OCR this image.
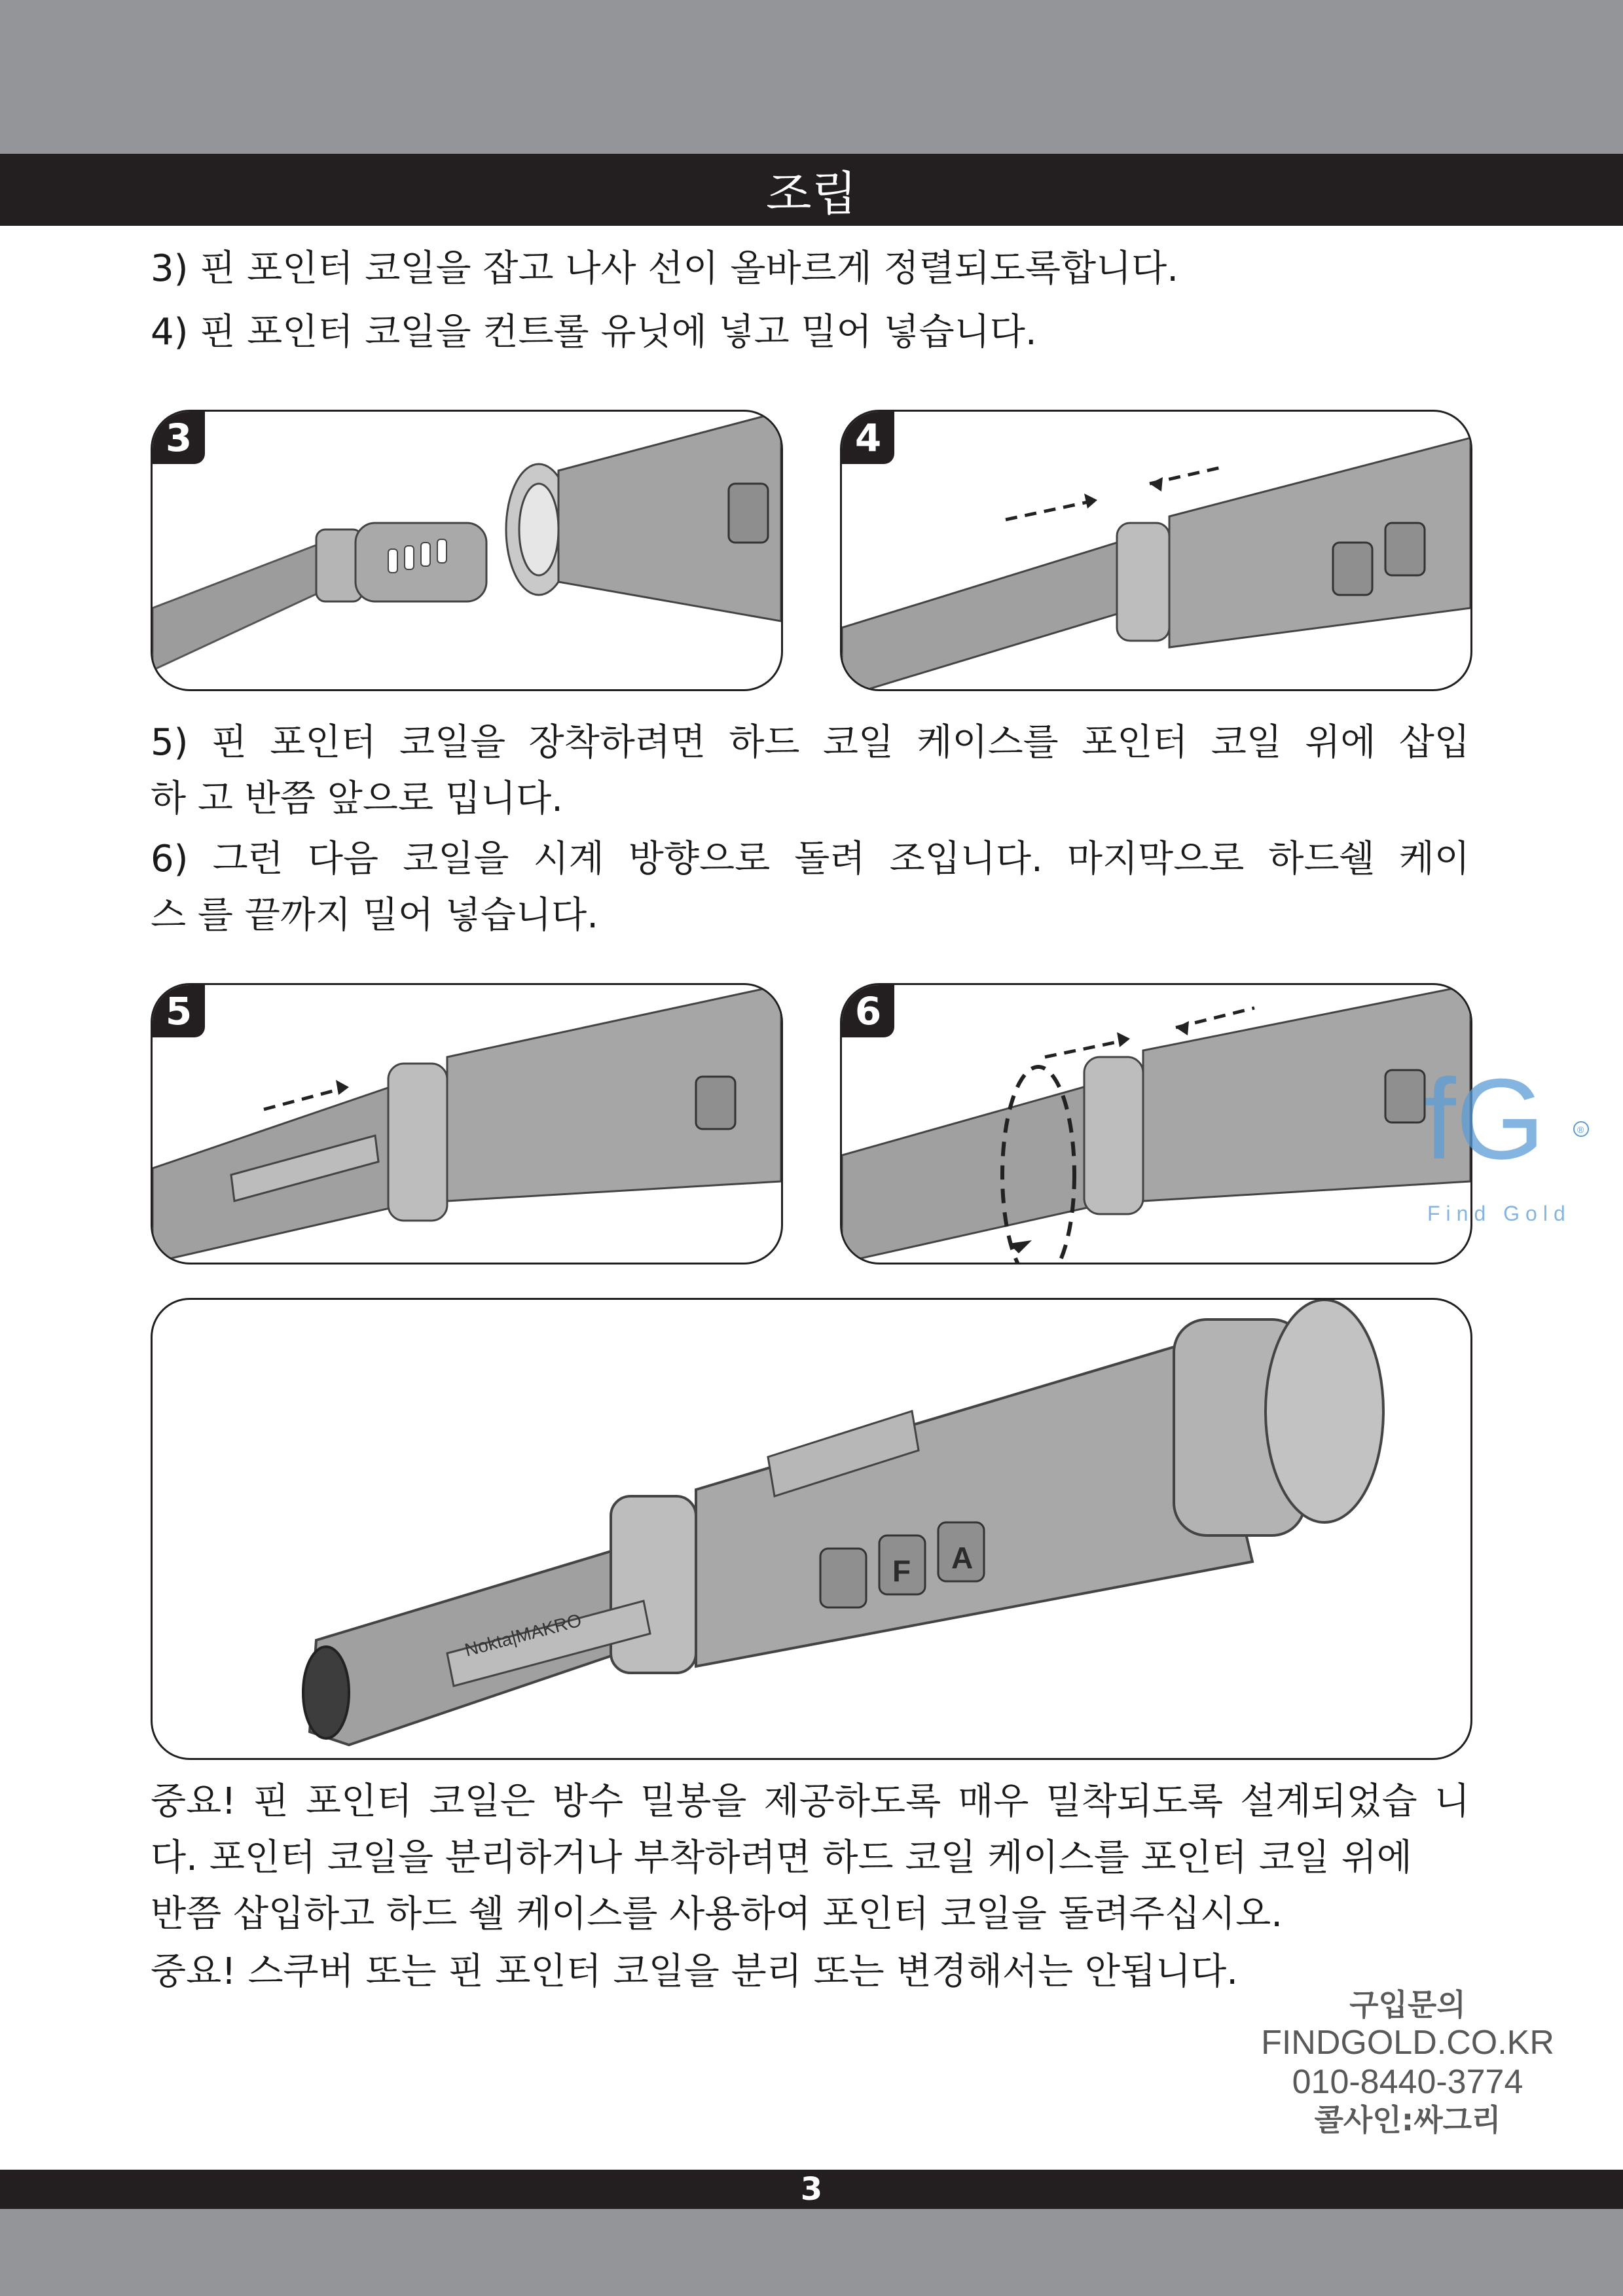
조립

3) 핀 포인터 코일을 잡고 나사 선이 올바르게 정렬되도록합니다.

4) 핀 포인터 코일을 컨트롤 유닛에 넣고 밀어 넣습니다.

3	4

5) 핀 포인터 코일을 장착하려면 하드 코일 케이스를 포인터 코일 위에 삽입

하 고 반쯤 앞으로 밉니다.

6) 그런 다음 코일을 시계 방향으로 돌려 조입니다. 마지막으로 하드쉘 케이

스 를 끝까지 밀어 넣습니다.

5	6
fG	®
Find Gold
F A
Nokta|MAKRO

중요! 핀 포인터 코일은 방수 밀봉을 제공하도록 매우 밀착되도록 설계되었습 니

다. 포인터 코일을 분리하거나 부착하려면 하드 코일 케이스를 포인터 코일 위에

반쯤 삽입하고 하드 쉘 케이스를 사용하여 포인터 코일을 돌려주십시오.

중요! 스쿠버 또는 핀 포인터 코일을 분리 또는 변경해서는 안됩니다.

구입문의
FINDGOLD.CO.KR
010-8440-3774
콜사인:싸그리
3
